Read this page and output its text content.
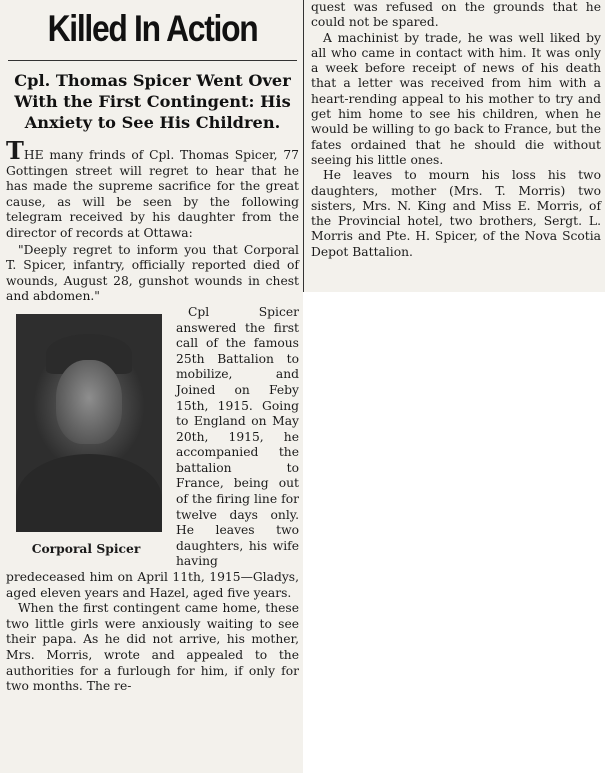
Killed In Action
Cpl. Thomas Spicer Went Over With the First Contingent: His Anxiety to See His Children.

THE many frinds of Cpl. Thomas Spicer, 77 Gottingen street will regret to hear that he has made the supreme sacrifice for the great cause, as will be seen by the following telegram received by his daughter from the director of records at Ottawa:

"Deeply regret to inform you that Corporal T. Spicer, infantry, officially reported died of wounds, August 28, gunshot wounds in chest and abdomen."

Corporal Spicer

Cpl Spicer answered the first call of the famous 25th Battalion to mobilize, and Joined on Feby 15th, 1915. Going to England on May 20th, 1915, he accompanied the battalion to France, being out of the firing line for twelve days only. He leaves two daughters, his wife having predeceased him on April 11th, 1915—Gladys, aged eleven years and Hazel, aged five years.

When the first contingent came home, these two little girls were anxiously waiting to see their papa. As he did not arrive, his mother, Mrs. Morris, wrote and appealed to the authorities for a furlough for him, if only for two months. The re-

quest was refused on the grounds that he could not be spared.

A machinist by trade, he was well liked by all who came in contact with him. It was only a week before receipt of news of his death that a letter was received from him with a heart-rending appeal to his mother to try and get him home to see his children, when he would be willing to go back to France, but the fates ordained that he should die without seeing his little ones.

He leaves to mourn his loss his two daughters, mother (Mrs. T. Morris) two sisters, Mrs. N. King and Miss E. Morris, of the Provincial hotel, two brothers, Sergt. L. Morris and Pte. H. Spicer, of the Nova Scotia Depot Battalion.
